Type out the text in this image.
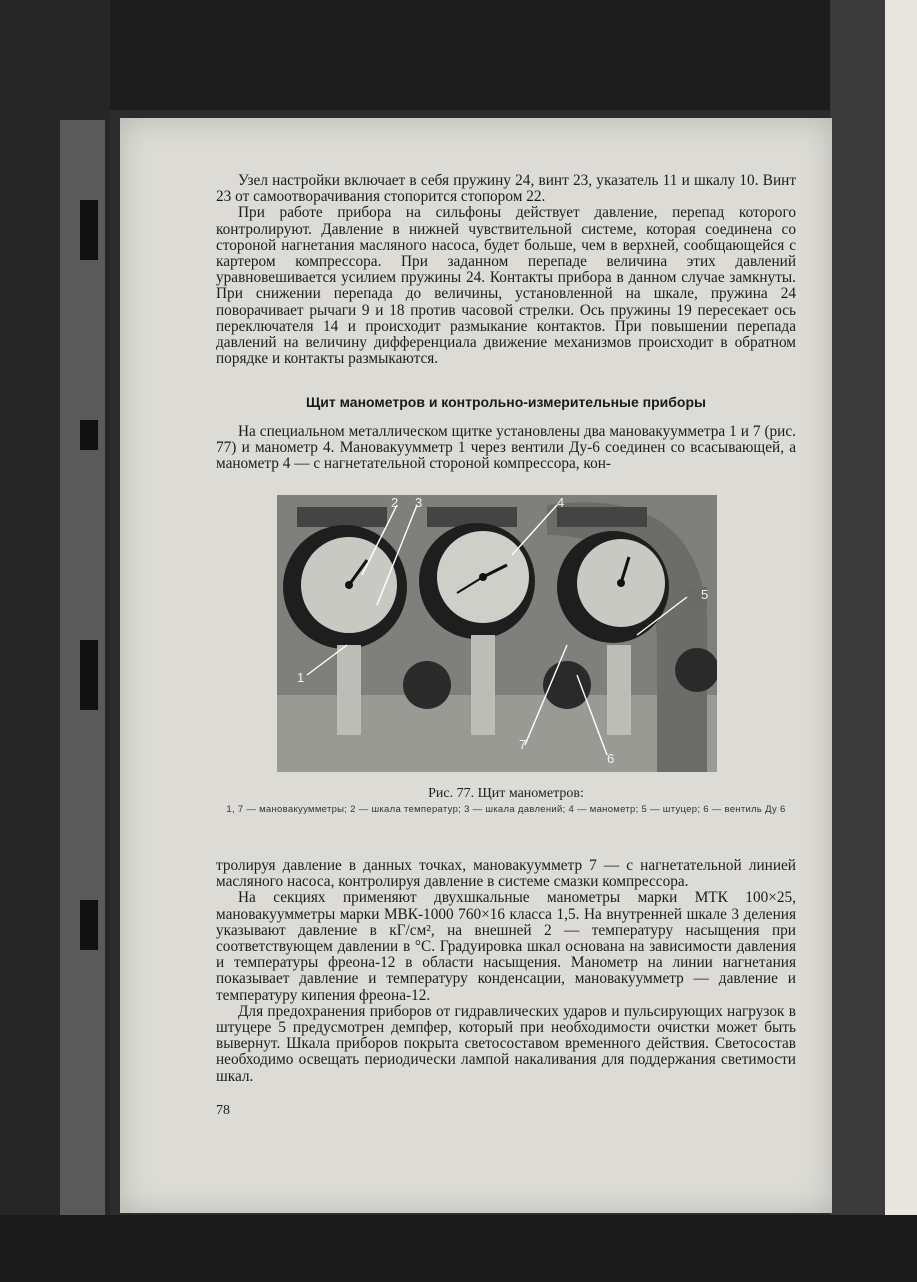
Узел настройки включает в себя пружину 24, винт 23, указатель 11 и шкалу 10. Винт 23 от самоотворачивания стопорится стопором 22.

При работе прибора на сильфоны действует давление, перепад которого контролируют. Давление в нижней чувствительной системе, которая соединена со стороной нагнетания масляного насоса, будет больше, чем в верхней, сообщающейся с картером компрессора. При заданном перепаде величина этих давлений уравновешивается усилием пружины 24. Контакты прибора в данном случае замкнуты. При снижении перепада до величины, установленной на шкале, пружина 24 поворачивает рычаги 9 и 18 против часовой стрелки. Ось пружины 19 пересекает ось переключателя 14 и происходит размыкание контактов. При повышении перепада давлений на величину дифференциала движение механизмов происходит в обратном порядке и контакты размыкаются.

Щит манометров и контрольно-измерительные приборы

На специальном металлическом щитке установлены два мановакуумметра 1 и 7 (рис. 77) и манометр 4. Мановакуумметр 1 через вентили Ду-6 соединен со всасывающей, а манометр 4 — с нагнетательной стороной компрессора, кон-

1
2 3	4
5
6
7
Рис. 77. Щит манометров:
1, 7 — мановакуумметры; 2 — шкала температур; 3 — шкала давлений; 4 — манометр; 5 — штуцер; 6 — вентиль Ду 6

тролируя давление в данных точках, мановакуумметр 7 — с нагнетательной линией масляного насоса, контролируя давление в системе смазки компрессора.

На секциях применяют двухшкальные манометры марки МТК 100×25, мановакуумметры марки МВК-1000 760×16 класса 1,5. На внутренней шкале 3 деления указывают давление в кГ/см², на внешней 2 — температуру насыщения при соответствующем давлении в °С. Градуировка шкал основана на зависимости давления и температуры фреона-12 в области насыщения. Манометр на линии нагнетания показывает давление и температуру конденсации, мановакуумметр — давление и температуру кипения фреона-12.

Для предохранения приборов от гидравлических ударов и пульсирующих нагрузок в штуцере 5 предусмотрен демпфер, который при необходимости очистки может быть вывернут. Шкала приборов покрыта светосоставом временного действия. Светосостав необходимо освещать периодически лампой накаливания для поддержания светимости шкал.

78
